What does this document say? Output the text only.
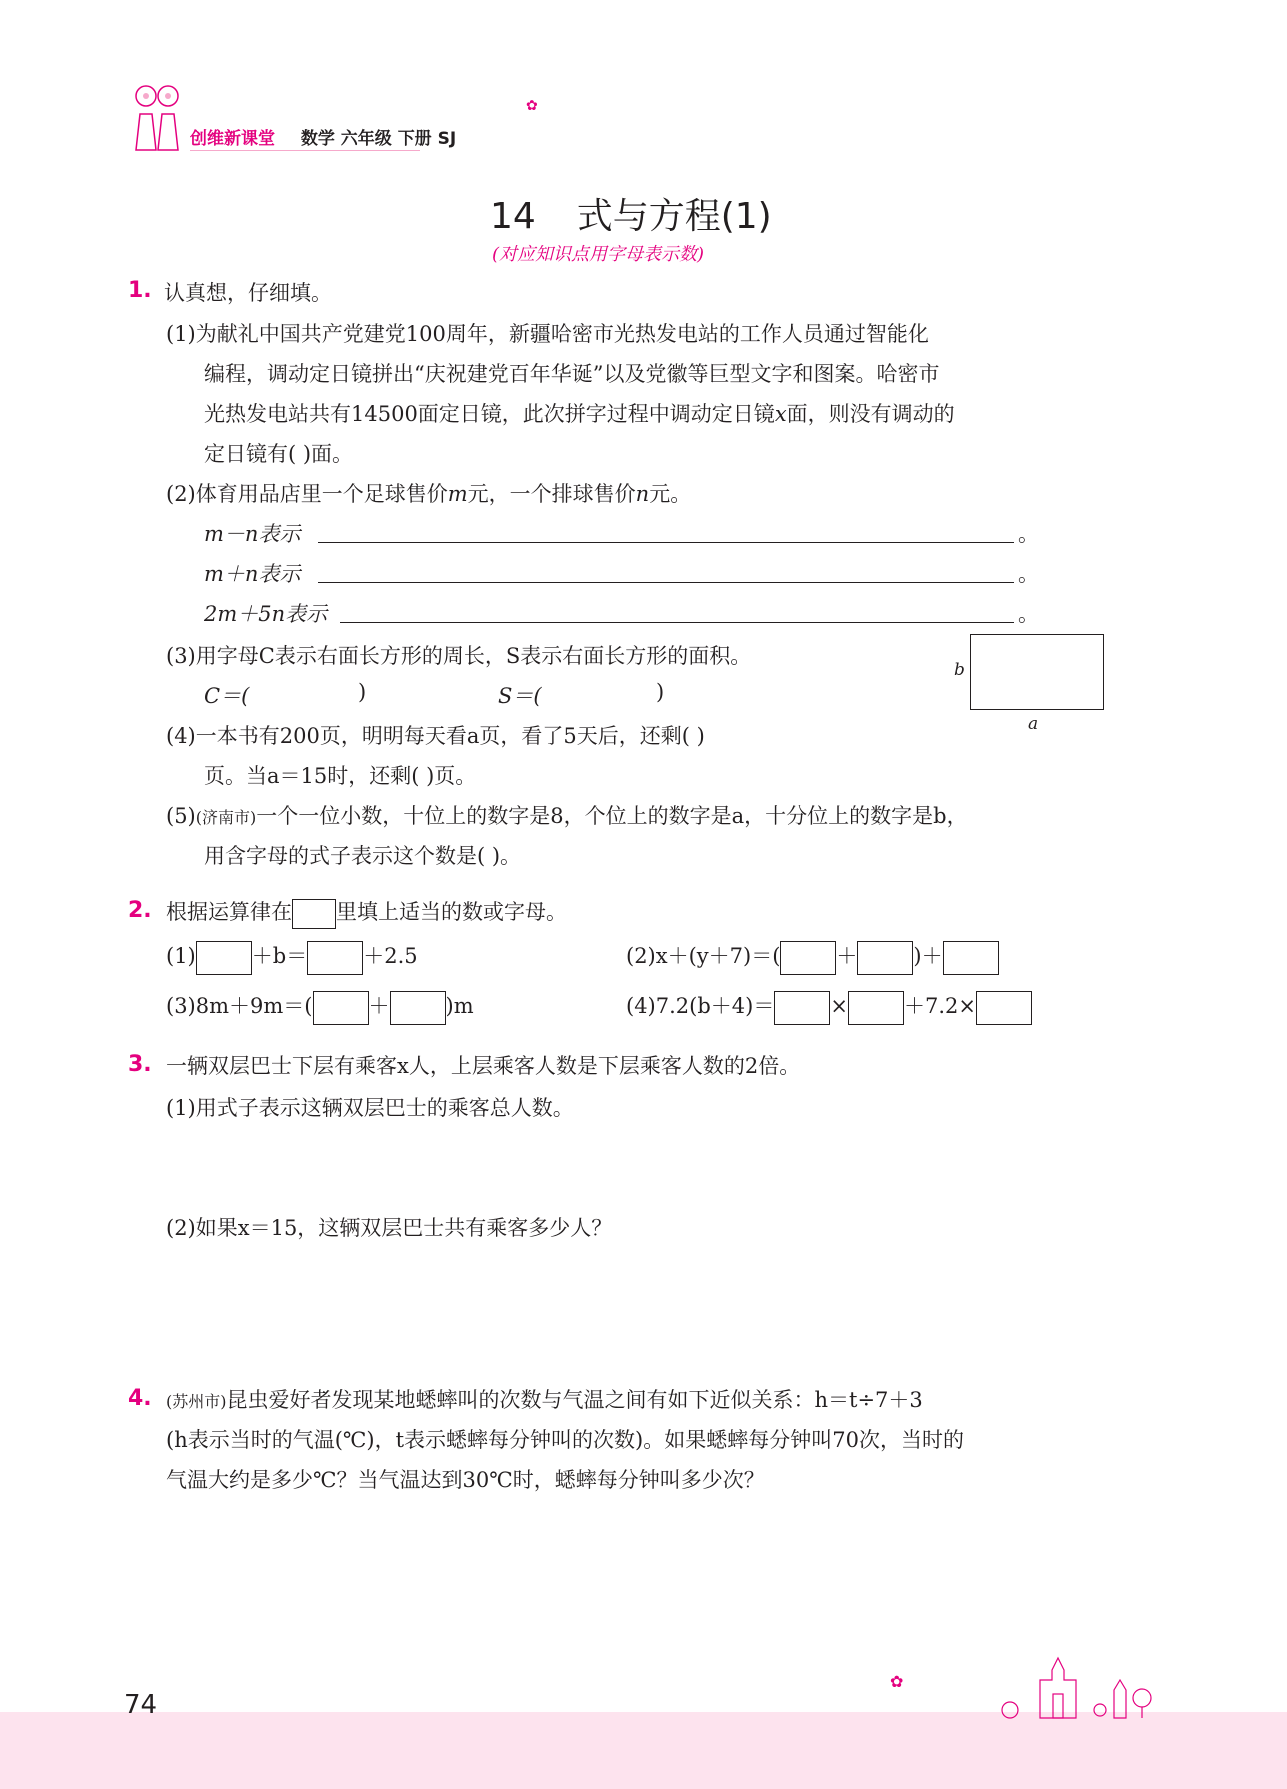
创维新课堂 数学 六年级 下册 SJ
✿
14 式与方程(1)
(对应知识点用字母表示数)
1. 认真想，仔细填。
(1)为献礼中国共产党建党100周年，新疆哈密市光热发电站的工作人员通过智能化
编程，调动定日镜拼出“庆祝建党百年华诞”以及党徽等巨型文字和图案。哈密市
光热发电站共有14500面定日镜，此次拼字过程中调动定日镜x面，则没有调动的
定日镜有( )面。
(2)体育用品店里一个足球售价m元，一个排球售价n元。
m－n表示	。
m＋n表示	。
2m＋5n表示	。
(3)用字母C表示右面长方形的周长，S表示右面长方形的面积。
C＝(	)	S＝(	)
b
a
(4)一本书有200页，明明每天看a页，看了5天后，还剩( )
页。当a＝15时，还剩( )页。
(5)(济南市)一个一位小数，十位上的数字是8，个位上的数字是a，十分位上的数字是b，
用含字母的式子表示这个数是( )。
2. 根据运算律在 里填上适当的数或字母。
(1)	＋b＝	＋2.5	(2)x＋(y＋7)＝(	＋	)＋
(3)8m＋9m＝(	＋	)m	(4)7.2(b＋4)＝	×	＋7.2×
3. 一辆双层巴士下层有乘客x人，上层乘客人数是下层乘客人数的2倍。
(1)用式子表示这辆双层巴士的乘客总人数。
(2)如果x＝15，这辆双层巴士共有乘客多少人？
4. (苏州市)昆虫爱好者发现某地蟋蟀叫的次数与气温之间有如下近似关系：h＝t÷7＋3
(h表示当时的气温(℃)，t表示蟋蟀每分钟叫的次数)。如果蟋蟀每分钟叫70次，当时的
气温大约是多少℃？当气温达到30℃时，蟋蟀每分钟叫多少次？
74
✿
